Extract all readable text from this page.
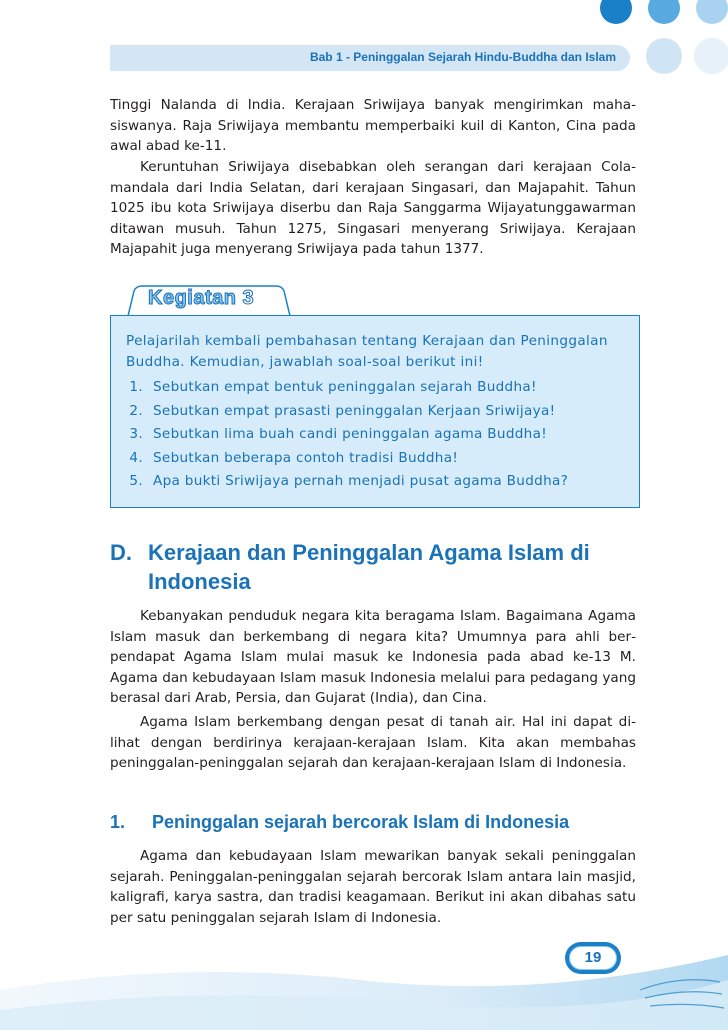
Bab 1 - Peninggalan Sejarah Hindu-Buddha dan Islam

Tinggi Nalanda di India. Kerajaan Sriwijaya banyak mengirimkan mahasiswanya. Raja Sriwijaya membantu memperbaiki kuil di Kanton, Cina pada awal abad ke-11.

Keruntuhan Sriwijaya disebabkan oleh serangan dari kerajaan Colamandala dari India Selatan, dari kerajaan Singasari, dan Majapahit. Tahun 1025 ibu kota Sriwijaya diserbu dan Raja Sanggarma Wijayatunggawarman ditawan musuh. Tahun 1275, Singasari menyerang Sriwijaya. Kerajaan Majapahit juga menyerang Sriwijaya pada tahun 1377.

Kegiatan 3

Pelajarilah kembali pembahasan tentang Kerajaan dan Peninggalan Buddha. Kemudian, jawablah soal-soal berikut ini!

1. Sebutkan empat bentuk peninggalan sejarah Buddha!
2. Sebutkan empat prasasti peninggalan Kerjaan Sriwijaya!
3. Sebutkan lima buah candi peninggalan agama Buddha!
4. Sebutkan beberapa contoh tradisi Buddha!
5. Apa bukti Sriwijaya pernah menjadi pusat agama Buddha?
D. Kerajaan dan Peninggalan Agama Islam di
Indonesia

Kebanyakan penduduk negara kita beragama Islam. Bagaimana Agama Islam masuk dan berkembang di negara kita? Umumnya para ahli berpendapat Agama Islam mulai masuk ke Indonesia pada abad ke-13 M. Agama dan kebudayaan Islam masuk Indonesia melalui para pedagang yang berasal dari Arab, Persia, dan Gujarat (India), dan Cina.

Agama Islam berkembang dengan pesat di tanah air. Hal ini dapat dilihat dengan berdirinya kerajaan-kerajaan Islam. Kita akan membahas peninggalan-peninggalan sejarah dan kerajaan-kerajaan Islam di Indonesia.

1. Peninggalan sejarah bercorak Islam di Indonesia

Agama dan kebudayaan Islam mewarikan banyak sekali peninggalan sejarah. Peninggalan-peninggalan sejarah bercorak Islam antara lain masjid, kaligrafi, karya sastra, dan tradisi keagamaan. Berikut ini akan dibahas satu per satu peninggalan sejarah Islam di Indonesia.

19
